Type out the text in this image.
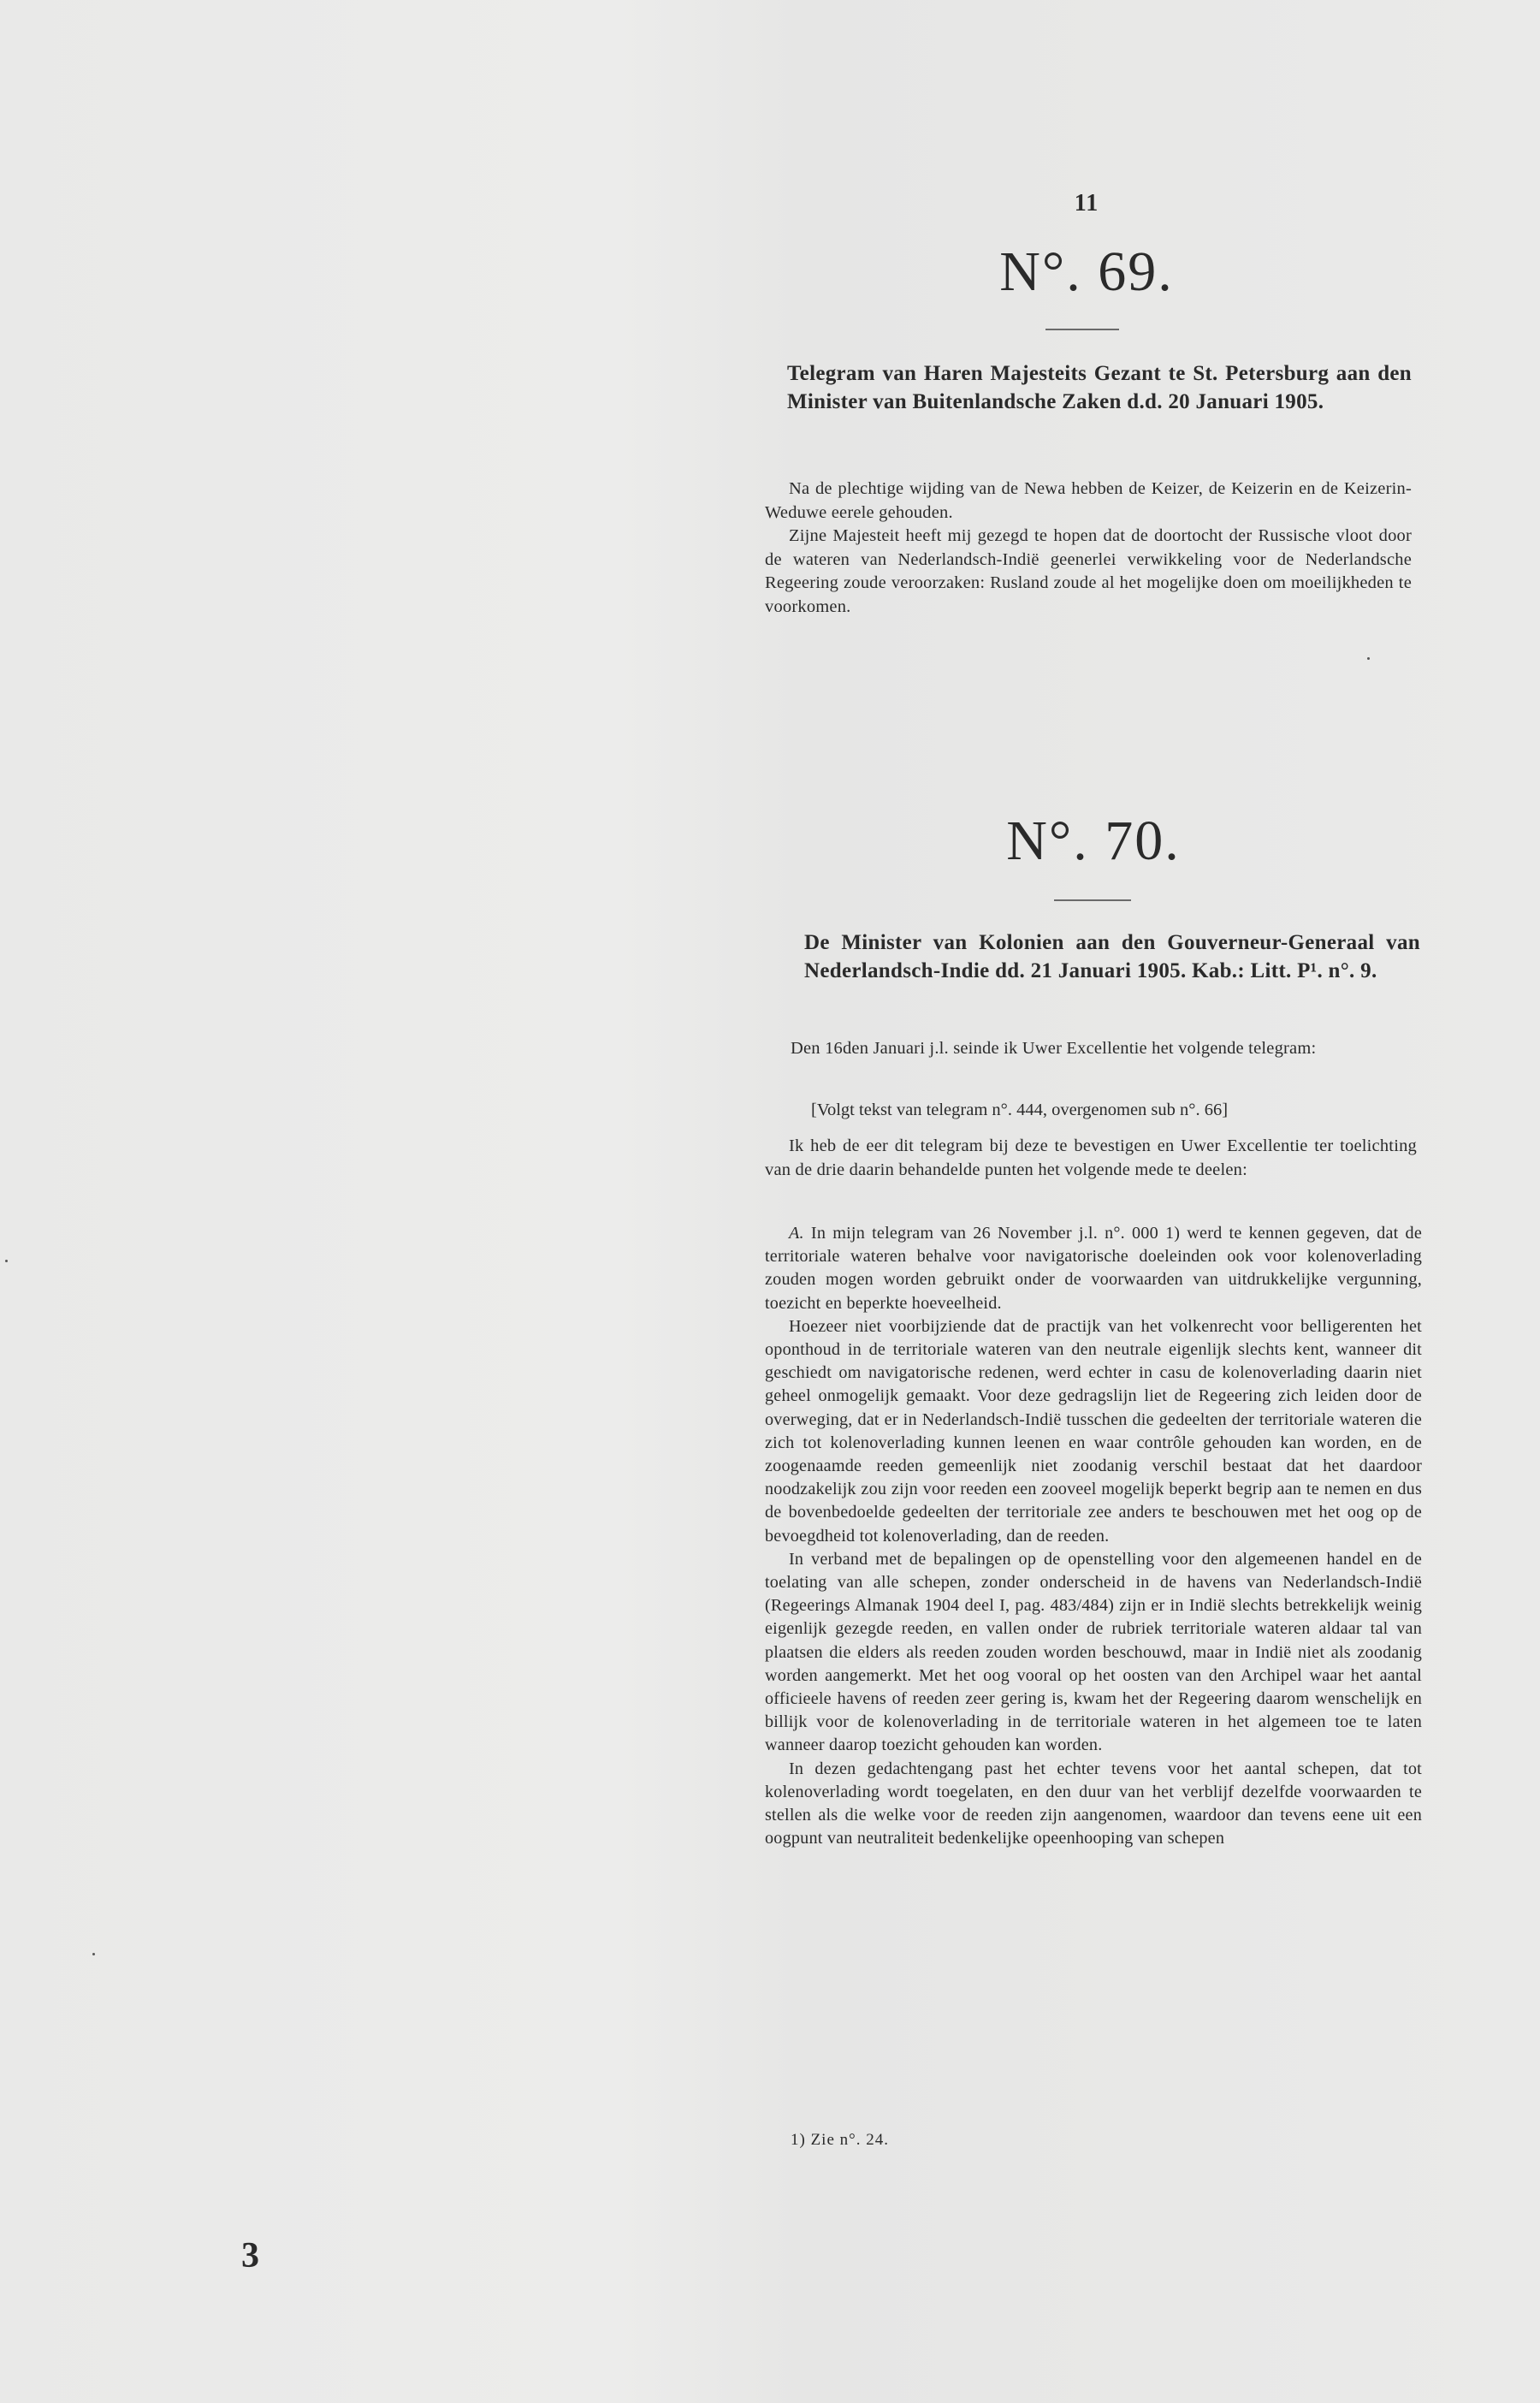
11
N°. 69.
Telegram van Haren Majesteits Gezant te St. Petersburg aan den Minister van Buitenlandsche Zaken d.d. 20 Januari 1905.

Na de plechtige wijding van de Newa hebben de Keizer, de Keizerin en de Keizerin-Weduwe eerele gehouden.

Zijne Majesteit heeft mij gezegd te hopen dat de doortocht der Russische vloot door de wateren van Nederlandsch-Indië geenerlei verwikkeling voor de Nederlandsche Regeering zoude veroorzaken: Rusland zoude al het mogelijke doen om moeilijkheden te voorkomen.

N°. 70.
De Minister van Kolonien aan den Gouverneur-Generaal van Nederlandsch-Indie dd. 21 Januari 1905. Kab.: Litt. P¹. n°. 9.

Den 16den Januari j.l. seinde ik Uwer Excellentie het volgende telegram:

[Volgt tekst van telegram n°. 444, overgenomen sub n°. 66]

Ik heb de eer dit telegram bij deze te bevestigen en Uwer Excellentie ter toelichting van de drie daarin behandelde punten het volgende mede te deelen:

A. In mijn telegram van 26 November j.l. n°. 000 1) werd te kennen gegeven, dat de territoriale wateren behalve voor navigatorische doeleinden ook voor kolenoverlading zouden mogen worden gebruikt onder de voorwaarden van uitdrukkelijke vergunning, toezicht en beperkte hoeveelheid.

Hoezeer niet voorbijziende dat de practijk van het volkenrecht voor belligerenten het oponthoud in de territoriale wateren van den neutrale eigenlijk slechts kent, wanneer dit geschiedt om navigatorische redenen, werd echter in casu de kolenoverlading daarin niet geheel onmogelijk gemaakt. Voor deze gedragslijn liet de Regeering zich leiden door de overweging, dat er in Nederlandsch-Indië tusschen die gedeelten der territoriale wateren die zich tot kolenoverlading kunnen leenen en waar contrôle gehouden kan worden, en de zoogenaamde reeden gemeenlijk niet zoodanig verschil bestaat dat het daardoor noodzakelijk zou zijn voor reeden een zooveel mogelijk beperkt begrip aan te nemen en dus de bovenbedoelde gedeelten der territoriale zee anders te beschouwen met het oog op de bevoegdheid tot kolenoverlading, dan de reeden.

In verband met de bepalingen op de openstelling voor den algemeenen handel en de toelating van alle schepen, zonder onderscheid in de havens van Nederlandsch-Indië (Regeerings Almanak 1904 deel I, pag. 483/484) zijn er in Indië slechts betrekkelijk weinig eigenlijk gezegde reeden, en vallen onder de rubriek territoriale wateren aldaar tal van plaatsen die elders als reeden zouden worden beschouwd, maar in Indië niet als zoodanig worden aangemerkt. Met het oog vooral op het oosten van den Archipel waar het aantal officieele havens of reeden zeer gering is, kwam het der Regeering daarom wenschelijk en billijk voor de kolenoverlading in de territoriale wateren in het algemeen toe te laten wanneer daarop toezicht gehouden kan worden.

In dezen gedachtengang past het echter tevens voor het aantal schepen, dat tot kolenoverlading wordt toegelaten, en den duur van het verblijf dezelfde voorwaarden te stellen als die welke voor de reeden zijn aangenomen, waardoor dan tevens eene uit een oogpunt van neutraliteit bedenkelijke opeenhooping van schepen

1) Zie n°. 24.
3
